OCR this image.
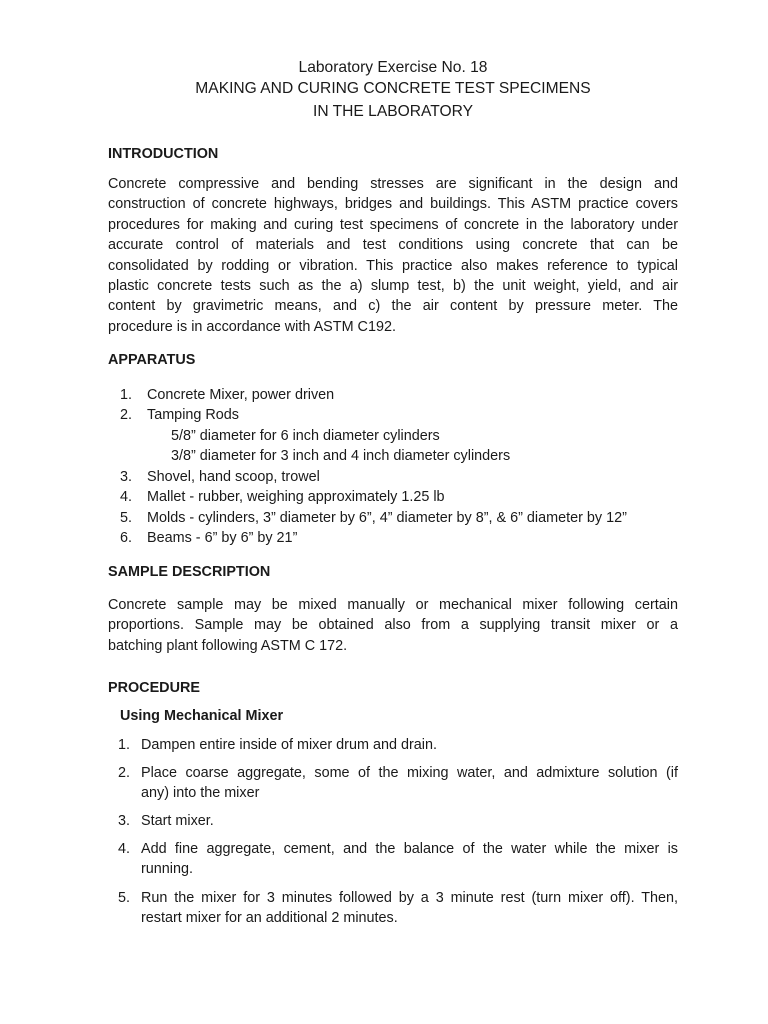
Laboratory Exercise No. 18
MAKING AND CURING CONCRETE TEST SPECIMENS
IN THE LABORATORY
INTRODUCTION
Concrete compressive and bending stresses are significant in the design and
construction of concrete highways, bridges and buildings. This ASTM practice covers
procedures for making and curing test specimens of concrete in the laboratory under
accurate control of materials and test conditions using concrete that can be
consolidated by rodding or vibration. This practice also makes reference to typical
plastic concrete tests such as the a) slump test, b) the unit weight, yield, and air
content by gravimetric means, and c) the air content by pressure meter. The
procedure is in accordance with ASTM C192.
APPARATUS
1. Concrete Mixer, power driven
2. Tamping Rods
5/8” diameter for 6 inch diameter cylinders
3/8” diameter for 3 inch and 4 inch diameter cylinders
3. Shovel, hand scoop, trowel
4. Mallet - rubber, weighing approximately 1.25 lb
5. Molds - cylinders, 3” diameter by 6”, 4” diameter by 8”, & 6” diameter by 12”
6. Beams - 6” by 6” by 21”
SAMPLE DESCRIPTION
Concrete sample may be mixed manually or mechanical mixer following certain
proportions. Sample may be obtained also from a supplying transit mixer or a
batching plant following ASTM C 172.
PROCEDURE
Using Mechanical Mixer
1. Dampen entire inside of mixer drum and drain.
2. Place coarse aggregate, some of the mixing water, and admixture solution (if
any) into the mixer
3. Start mixer.
4. Add fine aggregate, cement, and the balance of the water while the mixer is
running.
5. Run the mixer for 3 minutes followed by a 3 minute rest (turn mixer off). Then,
restart mixer for an additional 2 minutes.
